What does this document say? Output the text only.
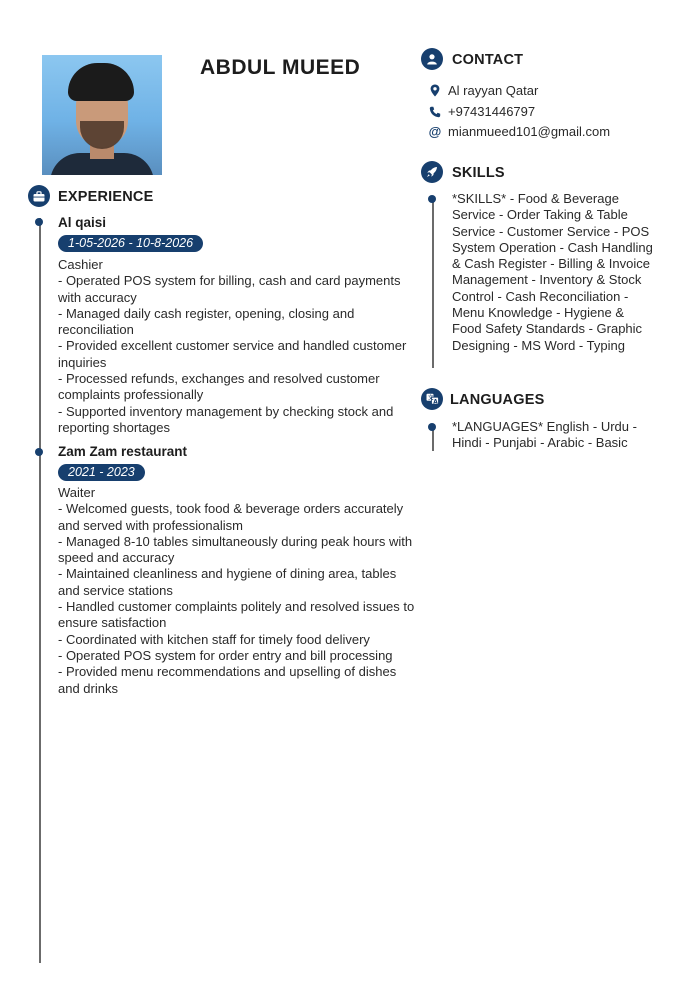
ABDUL MUEED
EXPERIENCE
Al qaisi
1-05-2026 - 10-8-2026
Cashier
- Operated POS system for billing, cash and card payments with accuracy
- Managed daily cash register, opening, closing and reconciliation
- Provided excellent customer service and handled customer inquiries
- Processed refunds, exchanges and resolved customer complaints professionally
- Supported inventory management by checking stock and reporting shortages
Zam Zam restaurant
2021 - 2023
Waiter
- Welcomed guests, took food & beverage orders accurately and served with professionalism
- Managed 8-10 tables simultaneously during peak hours with speed and accuracy
- Maintained cleanliness and hygiene of dining area, tables and service stations
- Handled customer complaints politely and resolved issues to ensure satisfaction
- Coordinated with kitchen staff for timely food delivery
- Operated POS system for order entry and bill processing
- Provided menu recommendations and upselling of dishes and drinks
CONTACT
Al rayyan Qatar
+97431446797
@ mianmueed101@gmail.com
SKILLS
*SKILLS* - Food & Beverage Service - Order Taking & Table Service - Customer Service - POS System Operation - Cash Handling & Cash Register - Billing & Invoice Management - Inventory & Stock Control - Cash Reconciliation - Menu Knowledge - Hygiene & Food Safety Standards - Graphic Designing - MS Word - Typing
文
A LANGUAGES
*LANGUAGES* English - Urdu - Hindi - Punjabi - Arabic - Basic
